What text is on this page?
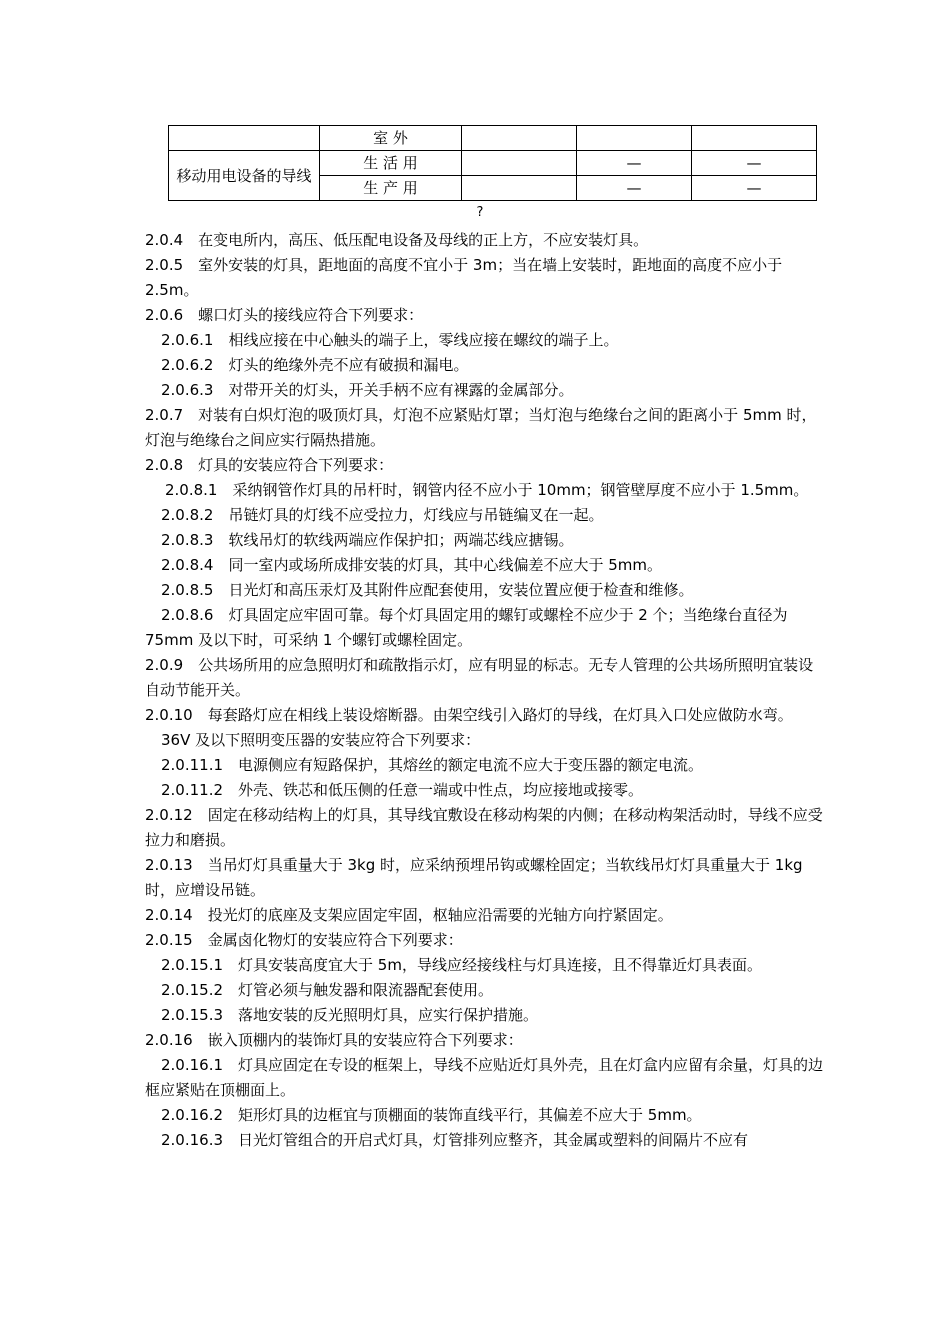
	室 外			
移动用电设备的导线	生 活 用		—	—
	生 产 用		—	—
?

2.0.4　在变电所内，高压、低压配电设备及母线的正上方，不应安装灯具。

2.0.5　室外安装的灯具，距地面的高度不宜小于 3m；当在墙上安装时，距地面的高度不应小于 2.5m。

2.0.6　螺口灯头的接线应符合下列要求：

2.0.6.1　相线应接在中心触头的端子上，零线应接在螺纹的端子上。

2.0.6.2　灯头的绝缘外壳不应有破损和漏电。

2.0.6.3　对带开关的灯头，开关手柄不应有裸露的金属部分。

2.0.7　对装有白炽灯泡的吸顶灯具，灯泡不应紧贴灯罩；当灯泡与绝缘台之间的距离小于 5mm 时，灯泡与绝缘台之间应实行隔热措施。

2.0.8　灯具的安装应符合下列要求：

2.0.8.1　采纳钢管作灯具的吊杆时，钢管内径不应小于 10mm；钢管壁厚度不应小于 1.5mm。

2.0.8.2　吊链灯具的灯线不应受拉力，灯线应与吊链编叉在一起。

2.0.8.3　软线吊灯的软线两端应作保护扣；两端芯线应搪锡。

2.0.8.4　同一室内或场所成排安装的灯具，其中心线偏差不应大于 5mm。

2.0.8.5　日光灯和高压汞灯及其附件应配套使用，安装位置应便于检查和维修。

2.0.8.6　灯具固定应牢固可靠。每个灯具固定用的螺钉或螺栓不应少于 2 个；当绝缘台直径为 75mm 及以下时，可采纳 1 个螺钉或螺栓固定。

2.0.9　公共场所用的应急照明灯和疏散指示灯，应有明显的标志。无专人管理的公共场所照明宜装设自动节能开关。

2.0.10　每套路灯应在相线上装设熔断器。由架空线引入路灯的导线，在灯具入口处应做防水弯。

36V 及以下照明变压器的安装应符合下列要求：

2.0.11.1　电源侧应有短路保护，其熔丝的额定电流不应大于变压器的额定电流。

2.0.11.2　外壳、铁芯和低压侧的任意一端或中性点，均应接地或接零。

2.0.12　固定在移动结构上的灯具，其导线宜敷设在移动构架的内侧；在移动构架活动时，导线不应受拉力和磨损。

2.0.13　当吊灯灯具重量大于 3kg 时，应采纳预埋吊钩或螺栓固定；当软线吊灯灯具重量大于 1kg 时，应增设吊链。

2.0.14　投光灯的底座及支架应固定牢固，枢轴应沿需要的光轴方向拧紧固定。

2.0.15　金属卤化物灯的安装应符合下列要求：

2.0.15.1　灯具安装高度宜大于 5m，导线应经接线柱与灯具连接，且不得靠近灯具表面。

2.0.15.2　灯管必须与触发器和限流器配套使用。

2.0.15.3　落地安装的反光照明灯具，应实行保护措施。

2.0.16　嵌入顶棚内的装饰灯具的安装应符合下列要求：

2.0.16.1　灯具应固定在专设的框架上，导线不应贴近灯具外壳，且在灯盒内应留有余量，灯具的边框应紧贴在顶棚面上。

2.0.16.2　矩形灯具的边框宜与顶棚面的装饰直线平行，其偏差不应大于 5mm。

2.0.16.3　日光灯管组合的开启式灯具，灯管排列应整齐，其金属或塑料的间隔片不应有
